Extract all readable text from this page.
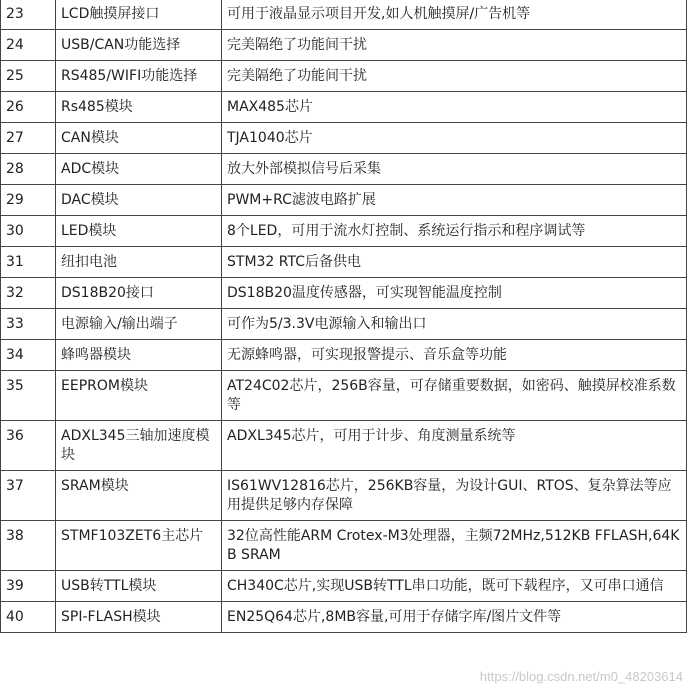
23	LCD触摸屏接口	可用于液晶显示项目开发,如人机触摸屏/广告机等
24	USB/CAN功能选择	完美隔绝了功能间干扰
25	RS485/WIFI功能选择	完美隔绝了功能间干扰
26	Rs485模块	MAX485芯片
27	CAN模块	TJA1040芯片
28	ADC模块	放大外部模拟信号后采集
29	DAC模块	PWM+RC滤波电路扩展
30	LED模块	8个LED，可用于流水灯控制、系统运行指示和程序调试等
31	纽扣电池	STM32 RTC后备供电
32	DS18B20接口	DS18B20温度传感器，可实现智能温度控制
33	电源输入/输出端子	可作为5/3.3V电源输入和输出口
34	蜂鸣器模块	无源蜂鸣器，可实现报警提示、音乐盒等功能
35	EEPROM模块	AT24C02芯片，256B容量，可存储重要数据，如密码、触摸屏校准系数等
36	ADXL345三轴加速度模块	ADXL345芯片，可用于计步、角度测量系统等
37	SRAM模块	IS61WV12816芯片，256KB容量，为设计GUI、RTOS、复杂算法等应用提供足够内存保障
38	STMF103ZET6主芯片	32位高性能ARM Crotex-M3处理器，主频72MHz,512KB FFLASH,64KB SRAM
39	USB转TTL模块	CH340C芯片,实现USB转TTL串口功能，既可下载程序，又可串口通信
40	SPI-FLASH模块	EN25Q64芯片,8MB容量,可用于存储字库/图片文件等
https://blog.csdn.net/m0_48203614
